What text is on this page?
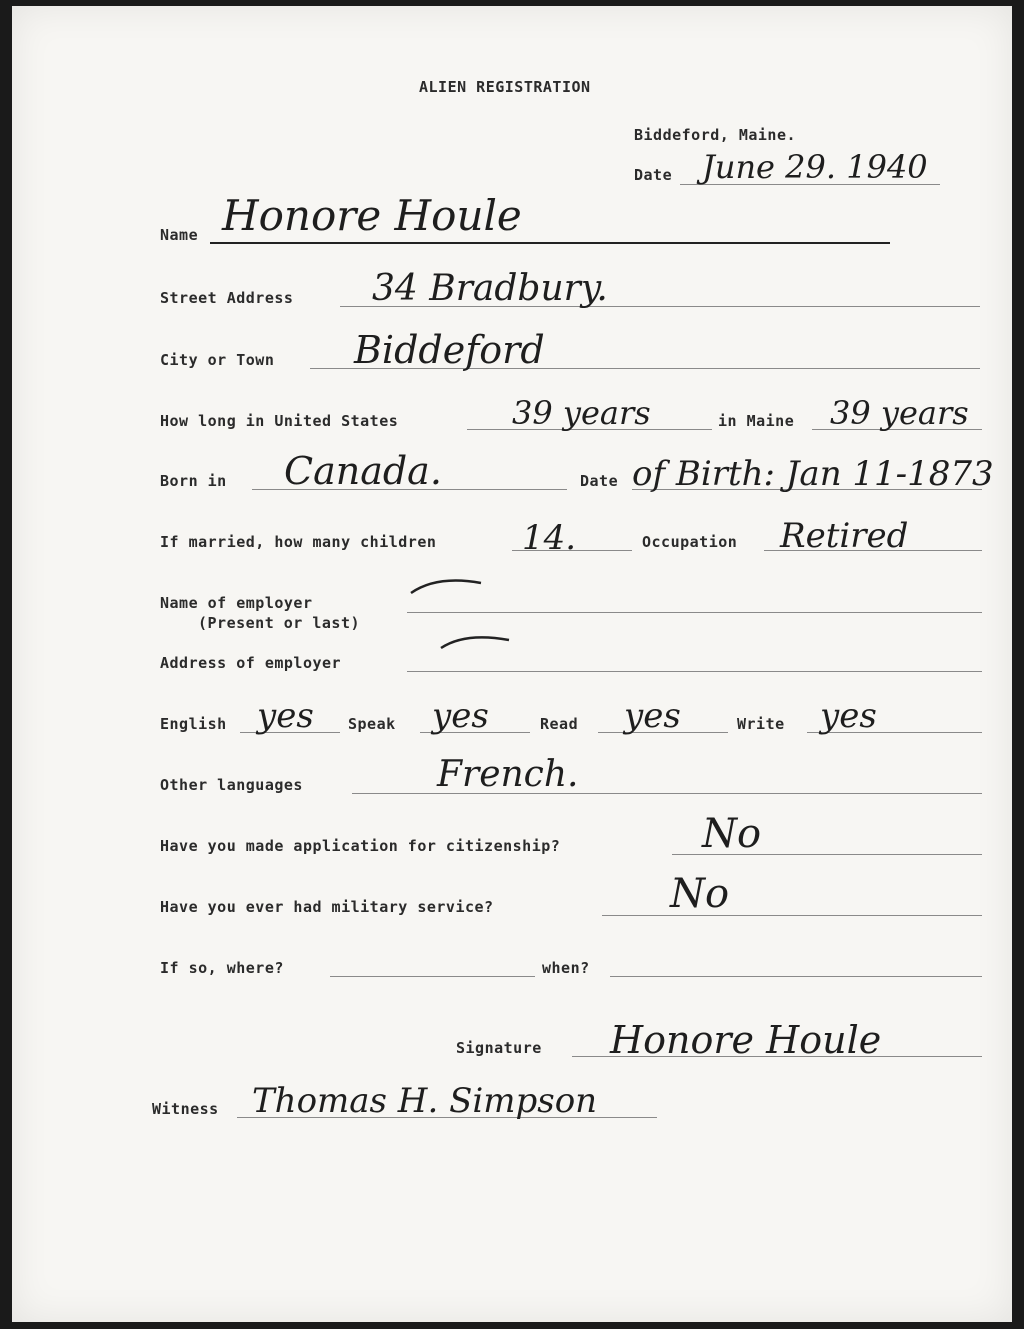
ALIEN REGISTRATION
Biddeford, Maine.
Date June 29. 1940
Name Honore Houle
Street Address 34 Bradbury.
City or Town Biddeford
How long in United States	39 years	in Maine 39 years
Born in Canada.	Date of Birth: Jan 11-1873
If married, how many children	14.	Occupation Retired
Name of employer
(Present or last)
Address of employer
English yes Speak yes	Read yes	Write yes
Other languages	French.
Have you made application for citizenship?	No
Have you ever had military service?	No
If so, where?	when?
Signature Honore Houle
Witness Thomas H. Simpson
